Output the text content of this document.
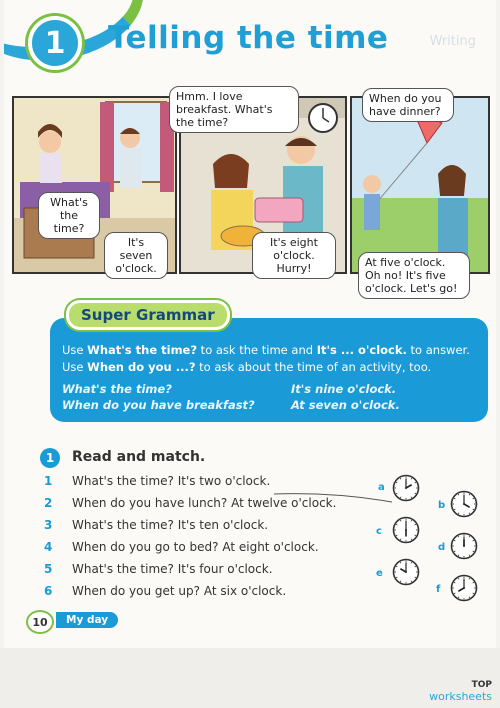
1	Telling the time	Writing
What's the time?
It's seven o'clock.
Hmm. I love breakfast. What's the time?
It's eight o'clock. Hurry!
When do you have dinner?
At five o'clock. Oh no! It's five o'clock. Let's go!
Super Grammar
Use What's the time? to ask the time and It's ... o'clock. to answer.
Use When do you ...? to ask about the time of an activity, too.
What's the time?	It's nine o'clock.
When do you have breakfast?	At seven o'clock.
1	Read and match.
1	What's the time? It's two o'clock.
2	When do you have lunch? At twelve o'clock.
3	What's the time? It's ten o'clock.
4	When do you go to bed? At eight o'clock.
5	What's the time? It's four o'clock.
6	When do you get up? At six o'clock.
a
b
c
d
e
f
10	My day
TOP
worksheets
